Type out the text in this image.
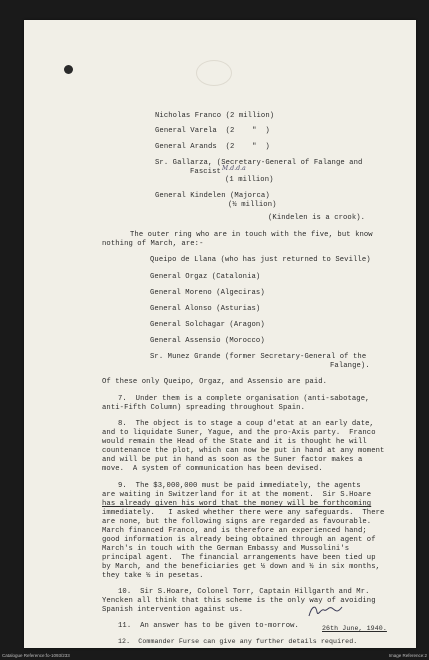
Nicholas Franco (2 million)
General Varela  (2    "  )
General Arands  (2    "  )
Sr. Gallarza, (Secretary-General of Falange and
Fascist M.d.d.a
(1 million)
General Kindelen (Majorca)
(½ million)
(Kindelen is a crook).
The outer ring who are in touch with the five, but know
nothing of March, are:-
Queipo de Llana (who has just returned to Seville)
General Orgaz (Catalonia)
General Moreno (Algeciras)
General Alonso (Asturias)
General Solchagar (Aragon)
General Assensio (Morocco)
Sr. Munez Grande (former Secretary-General of the
Falange).
Of these only Queipo, Orgaz, and Assensio are paid.
7.  Under them is a complete organisation (anti-sabotage,
anti-Fifth Column) spreading throughout Spain.
8.  The object is to stage a coup d'etat at an early date,
and to liquidate Suner, Yague, and the pro-Axis party.  Franco
would remain the Head of the State and it is thought he will
countenance the plot, which can now be put in hand at any moment
and will be put in hand as soon as the Suner factor makes a
move.  A system of communication has been devised.
9.  The $3,000,000 must be paid immediately, the agents
are waiting in Switzerland for it at the moment.  Sir S.Hoare
has already given his word that the money will be forthcoming
immediately.   I asked whether there were any safeguards.  There
are none, but the following signs are regarded as favourable.
March financed Franco, and is therefore an experienced hand;
good information is already being obtained through an agent of
March's in touch with the German Embassy and Mussolini's
principal agent.  The financial arrangements have been tied up
by March, and the beneficiaries get ½ down and ½ in six months,
they take ½ in pesetas.
10.  Sir S.Hoare, Colonel Torr, Captain Hillgarth and Mr.
Yencken all think that this scheme is the only way of avoiding
Spanish intervention against us.
11.  An answer has to be given to-morrow.
12.  Commander Furse can give any further details required.
26th June, 1940.
Catalogue Reference:fo-1093/233	Image Reference:2
